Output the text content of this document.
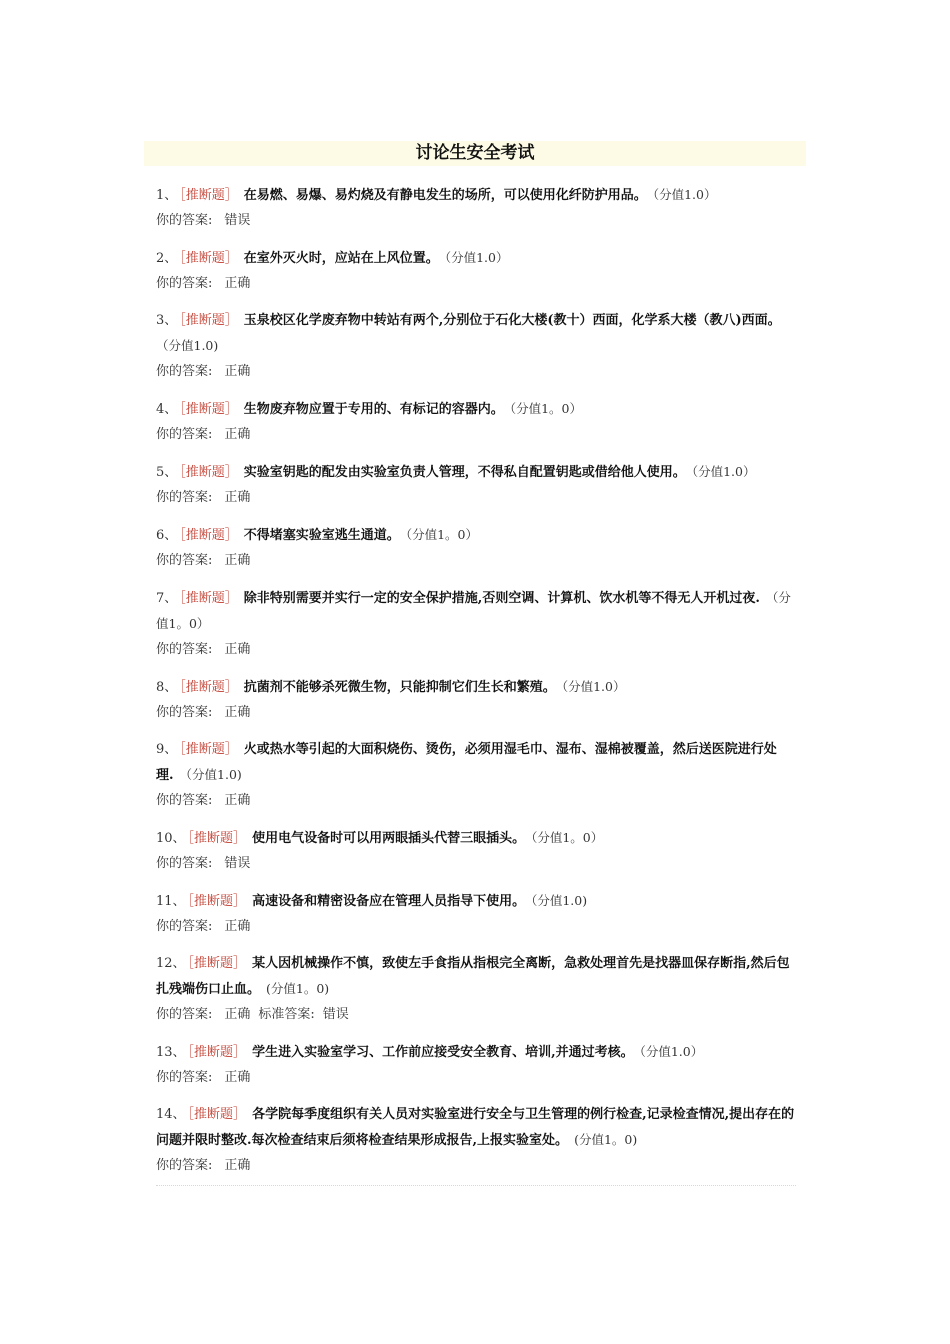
讨论生安全考试
1、 ［推断题］ 在易燃、易爆、易灼烧及有静电发生的场所，可以使用化纤防护用品。 （分值1.0）
你的答案: 错误
2、 ［推断题］ 在室外灭火时，应站在上风位置。 （分值1.0）
你的答案: 正确
3、 ［推断题］ 玉泉校区化学废弃物中转站有两个,分别位于石化大楼(教十）西面，化学系大楼（教八)西面。（分值1.0)
你的答案: 正确
4、 ［推断题］ 生物废弃物应置于专用的、有标记的容器内。 （分值1。0）
你的答案: 正确
5、 ［推断题］ 实验室钥匙的配发由实验室负责人管理，不得私自配置钥匙或借给他人使用。 （分值1.0）
你的答案: 正确
6、 ［推断题］ 不得堵塞实验室逃生通道。 （分值1。0）
你的答案: 正确
7、 ［推断题］ 除非特别需要并实行一定的安全保护措施,否则空调、计算机、饮水机等不得无人开机过夜. （分值1。0）
你的答案: 正确
8、 ［推断题］ 抗菌剂不能够杀死微生物，只能抑制它们生长和繁殖。 （分值1.0）
你的答案: 正确
9、 ［推断题］ 火或热水等引起的大面积烧伤、烫伤，必须用湿毛巾、湿布、湿棉被覆盖，然后送医院进行处理. （分值1.0)
你的答案: 正确
10、 ［推断题］ 使用电气设备时可以用两眼插头代替三眼插头。 （分值1。0）
你的答案: 错误
11、 ［推断题］ 高速设备和精密设备应在管理人员指导下使用。 （分值1.0)
你的答案: 正确
12、 ［推断题］ 某人因机械操作不慎，致使左手食指从指根完全离断，急救处理首先是找器皿保存断指,然后包扎残端伤口止血。 (分值1。0)
你的答案: 正确 标准答案: 错误
13、 ［推断题］ 学生进入实验室学习、工作前应接受安全教育、培训,并通过考核。 （分值1.0）
你的答案: 正确
14、 ［推断题］ 各学院每季度组织有关人员对实验室进行安全与卫生管理的例行检查,记录检查情况,提出存在的问题并限时整改.每次检查结束后须将检查结果形成报告,上报实验室处。 (分值1。0)
你的答案: 正确
